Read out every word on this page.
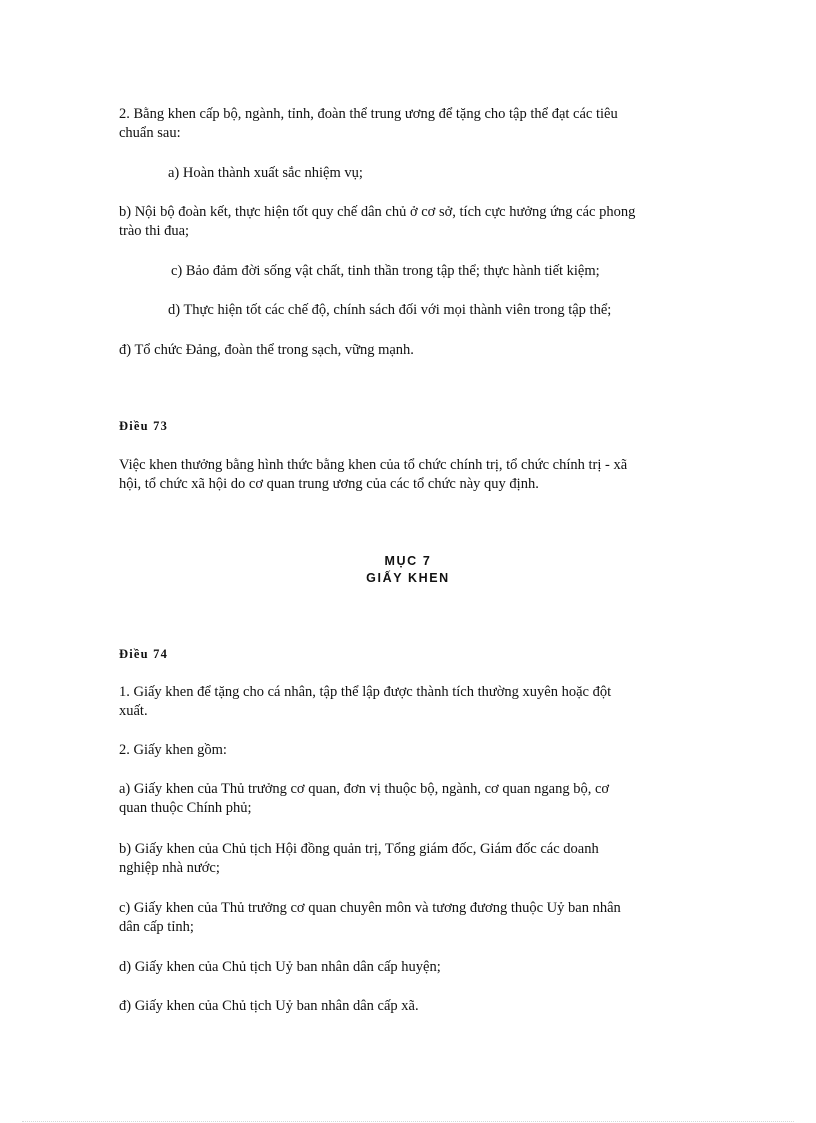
2. Bằng khen cấp bộ, ngành, tỉnh, đoàn thể trung ương để tặng cho tập thể đạt các tiêu
chuẩn sau:
a) Hoàn thành xuất sắc nhiệm vụ;
b) Nội bộ đoàn kết, thực hiện tốt quy chế dân chủ ở cơ sở, tích cực hưởng ứng các phong
trào thi đua;
c) Bảo đảm đời sống vật chất, tinh thần trong tập thể; thực hành tiết kiệm;
d) Thực hiện tốt các chế độ, chính sách đối với mọi thành viên trong tập thể;
đ) Tổ chức Đảng, đoàn thể trong sạch, vững mạnh.
Điều 73
Việc khen thưởng bằng hình thức bằng khen của tổ chức chính trị, tổ chức chính trị - xã
hội, tổ chức xã hội do cơ quan trung ương của các tổ chức này quy định.
MỤC 7
GIẤY KHEN
Điều 74
1. Giấy khen để tặng cho cá nhân, tập thể lập được thành tích thường xuyên hoặc đột
xuất.
2. Giấy khen gồm:
a) Giấy khen của Thủ trưởng cơ quan, đơn vị thuộc bộ, ngành, cơ quan ngang bộ, cơ
quan thuộc Chính phủ;
b) Giấy khen của Chủ tịch Hội đồng quản trị, Tổng giám đốc, Giám đốc các doanh
nghiệp nhà nước;
c) Giấy khen của Thủ trưởng cơ quan chuyên môn và tương đương thuộc Uỷ ban nhân
dân cấp tỉnh;
d) Giấy khen của Chủ tịch Uỷ ban nhân dân cấp huyện;
đ) Giấy khen của Chủ tịch Uỷ ban nhân dân cấp xã.
